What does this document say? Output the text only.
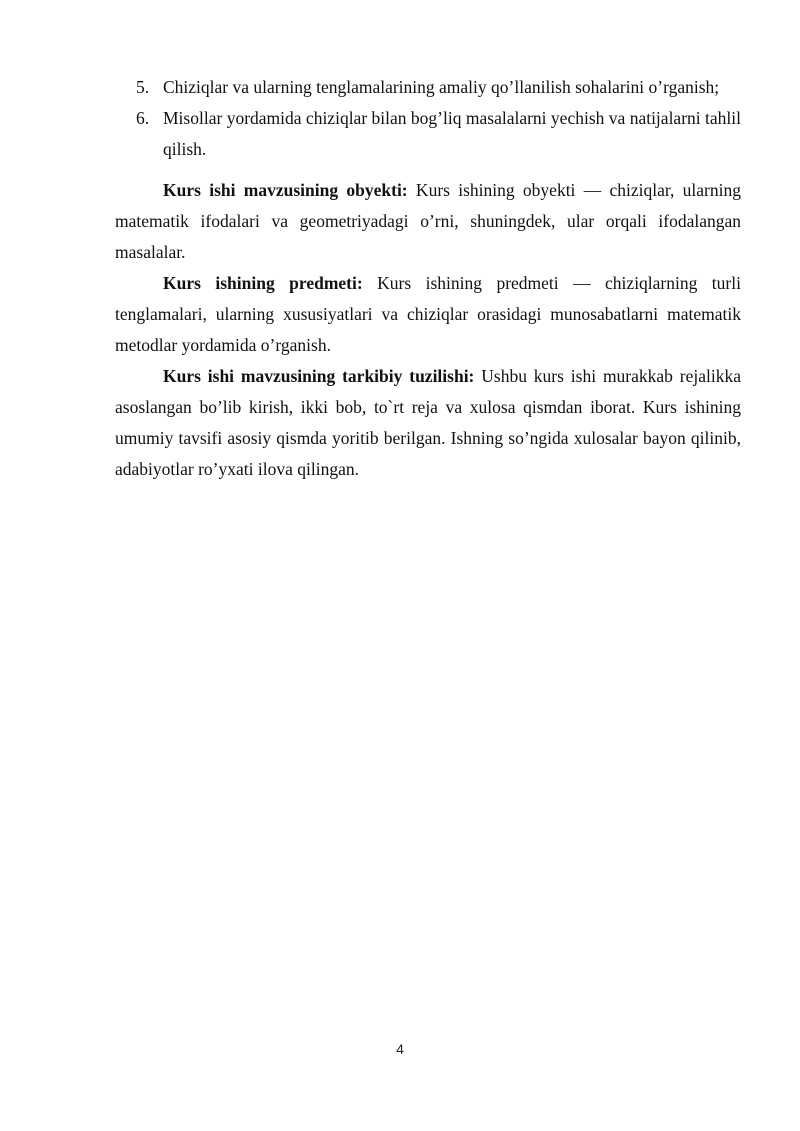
5. Chiziqlar va ularning tenglamalarining amaliy qo’llanilish sohalarini o’rganish;
6. Misollar yordamida chiziqlar bilan bog’liq masalalarni yechish va natijalarni tahlil qilish.

Kurs ishi mavzusining obyekti: Kurs ishining obyekti — chiziqlar, ularning matematik ifodalari va geometriyadagi o’rni, shuningdek, ular orqali ifodalangan masalalar.

Kurs ishining predmeti: Kurs ishining predmeti — chiziqlarning turli tenglamalari, ularning xususiyatlari va chiziqlar orasidagi munosabatlarni matematik metodlar yordamida o’rganish.

Kurs ishi mavzusining tarkibiy tuzilishi: Ushbu kurs ishi murakkab rejalikka asoslangan bo’lib kirish, ikki bob, to`rt reja va xulosa qismdan iborat. Kurs ishining umumiy tavsifi asosiy qismda yoritib berilgan. Ishning so’ngida xulosalar bayon qilinib, adabiyotlar ro’yxati ilova qilingan.

4
